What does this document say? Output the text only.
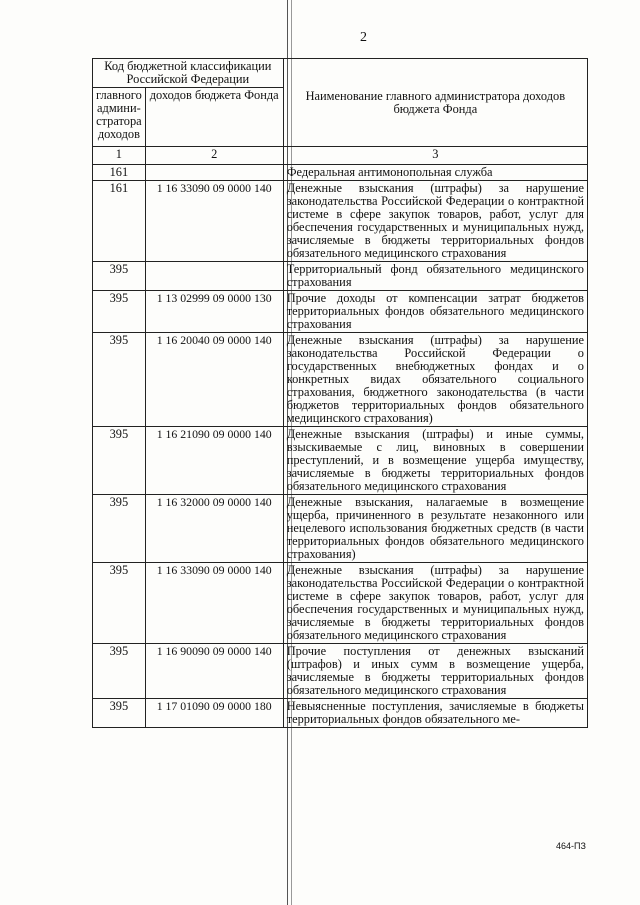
2
Код бюджетной классификации Российской Федерации		Наименование главного администратора доходов бюджета Фонда
главного админи-стратора доходов	доходов бюджета Фонда	
1	2	3
161		Федеральная антимонопольная служба
161	1 16 33090 09 0000 140	Денежные взыскания (штрафы) за нарушение законодательства Российской Федерации о контрактной системе в сфере закупок товаров, работ, услуг для обеспечения государственных и муниципальных нужд, зачисляемые в бюджеты территориальных фондов обязательного медицинского страхования
395		Территориальный фонд обязательного медицинского страхования
395	1 13 02999 09 0000 130	Прочие доходы от компенсации затрат бюджетов территориальных фондов обязательного медицинского страхования
395	1 16 20040 09 0000 140	Денежные взыскания (штрафы) за нарушение законодательства Российской Федерации о государственных внебюджетных фондах и о конкретных видах обязательного социального страхования, бюджетного законодательства (в части бюджетов территориальных фондов обязательного медицинского страхования)
395	1 16 21090 09 0000 140	Денежные взыскания (штрафы) и иные суммы, взыскиваемые с лиц, виновных в совершении преступлений, и в возмещение ущерба имуществу, зачисляемые в бюджеты территориальных фондов обязательного медицинского страхования
395	1 16 32000 09 0000 140	Денежные взыскания, налагаемые в возмещение ущерба, причиненного в результате незаконного или нецелевого использования бюджетных средств (в части территориальных фондов обязательного медицинского страхования)
395	1 16 33090 09 0000 140	Денежные взыскания (штрафы) за нарушение законодательства Российской Федерации о контрактной системе в сфере закупок товаров, работ, услуг для обеспечения государственных и муниципальных нужд, зачисляемые в бюджеты территориальных фондов обязательного медицинского страхования
395	1 16 90090 09 0000 140	Прочие поступления от денежных взысканий (штрафов) и иных сумм в возмещение ущерба, зачисляемые в бюджеты территориальных фондов обязательного медицинского страхования
395	1 17 01090 09 0000 180	Невыясненные поступления, зачисляемые в бюджеты территориальных фондов обязательного ме-
464-ПЗ
